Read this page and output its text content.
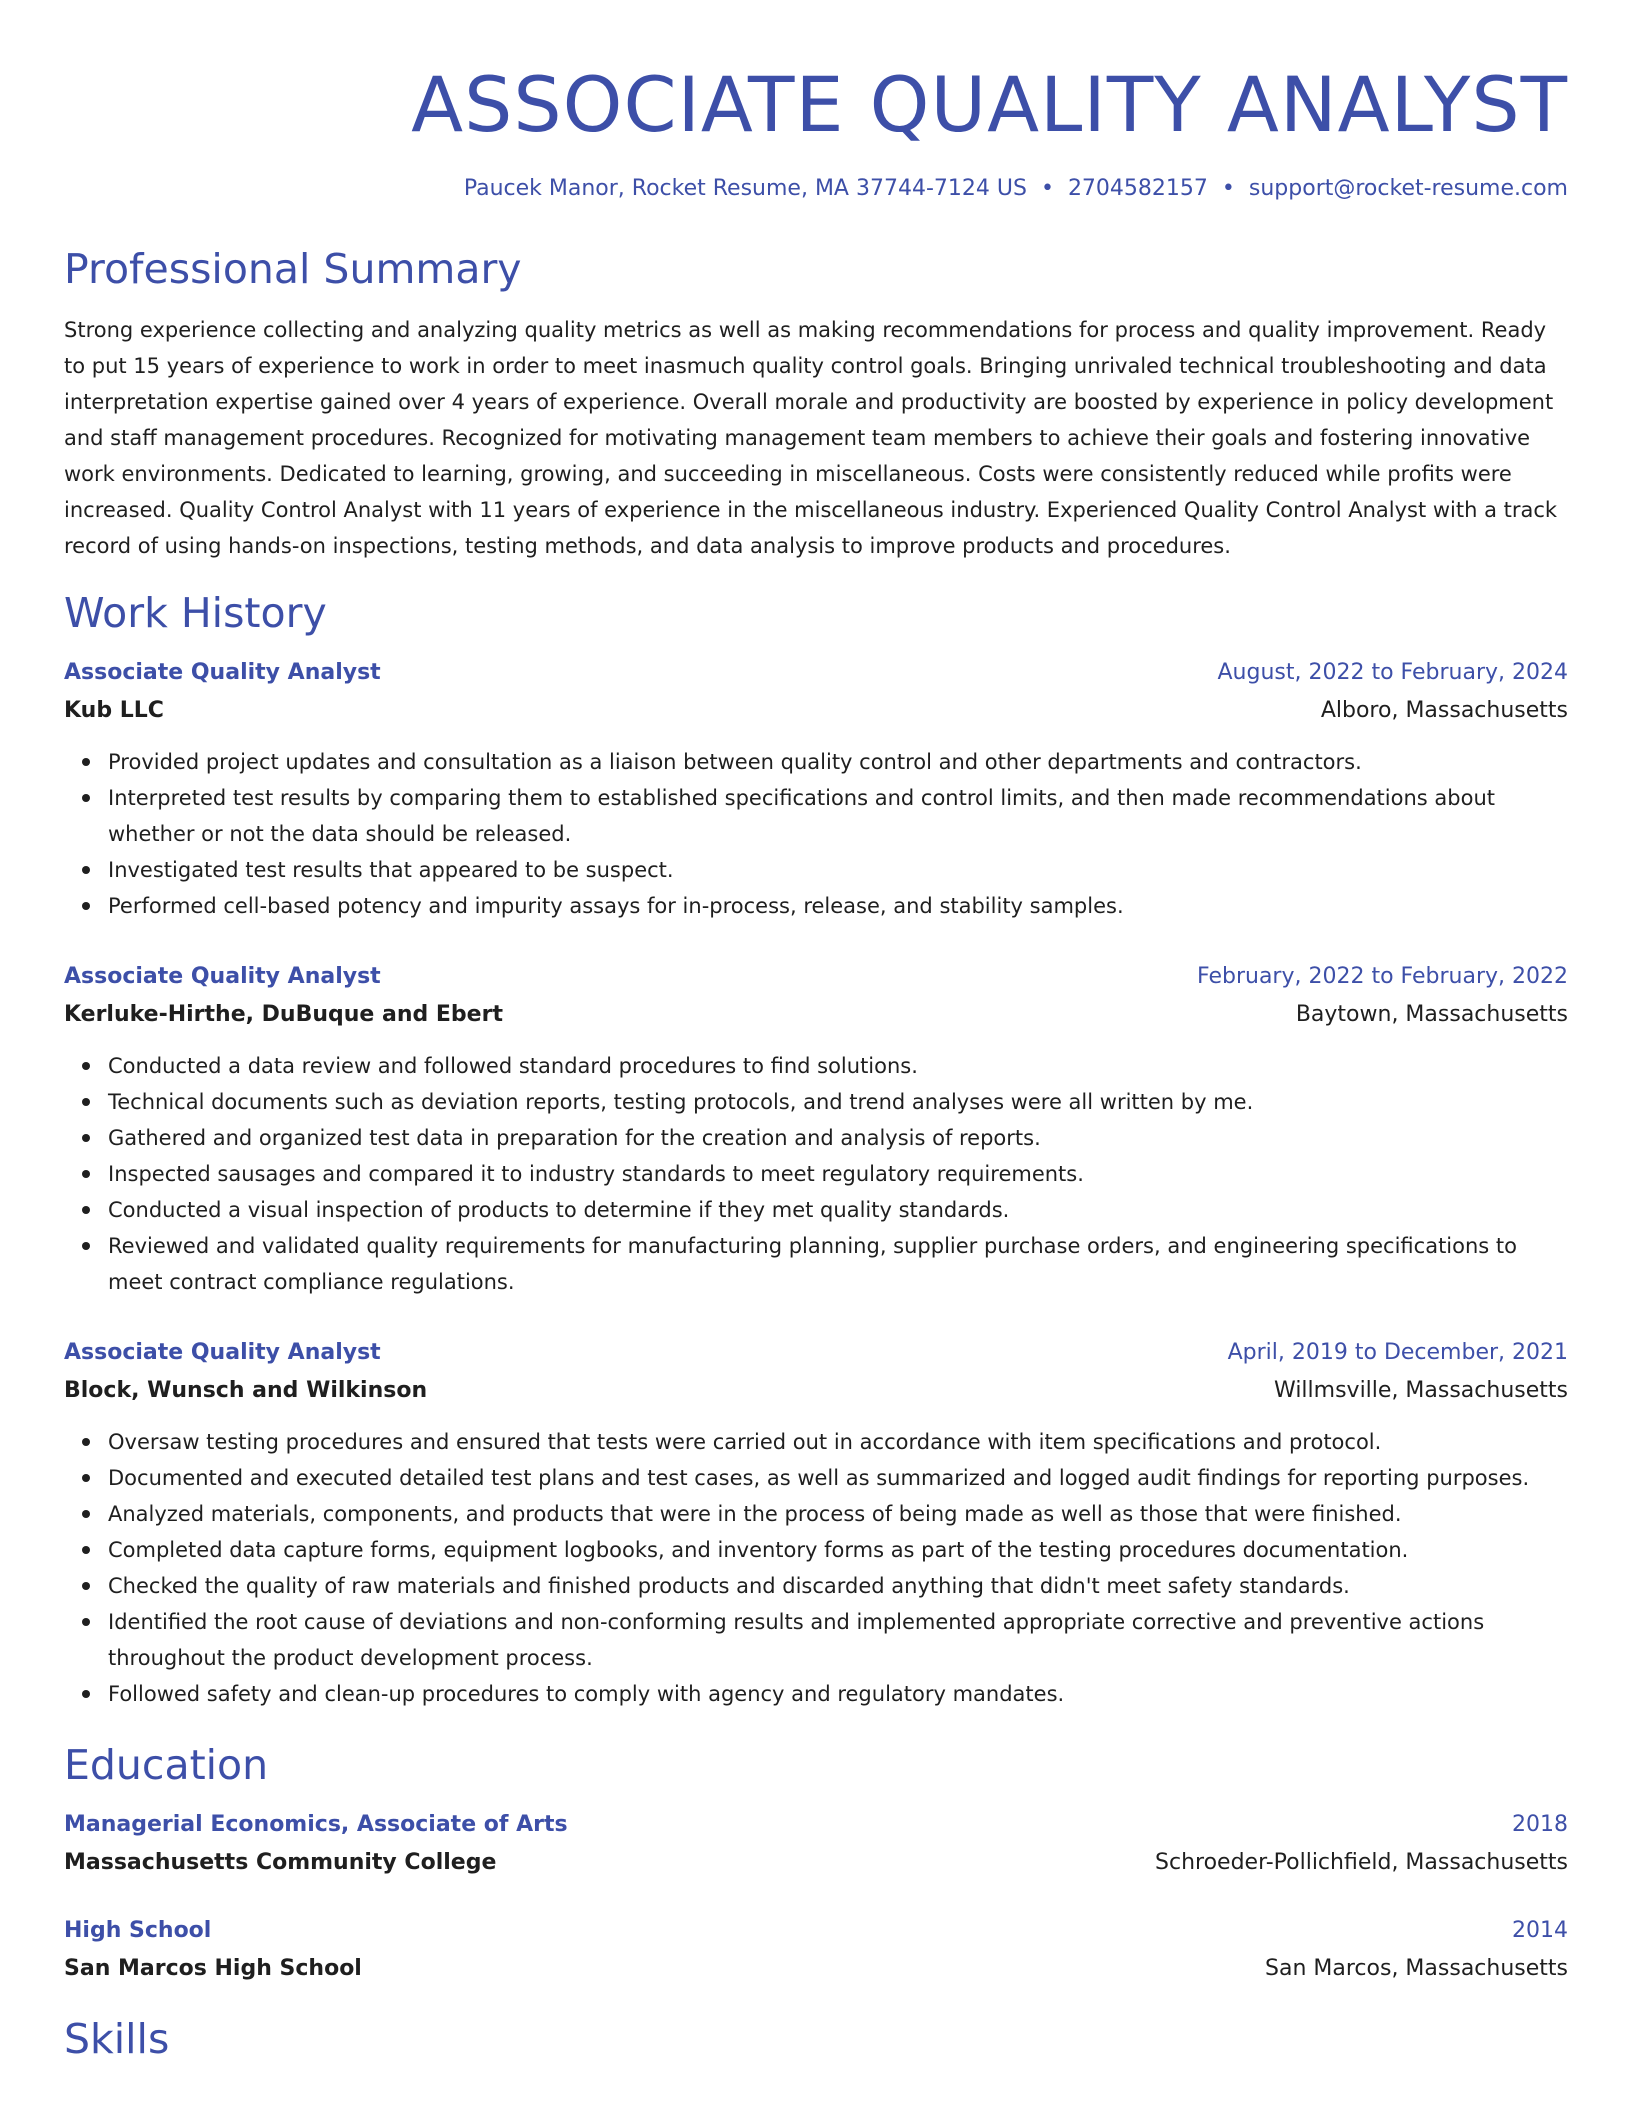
ASSOCIATE QUALITY ANALYST
Paucek Manor, Rocket Resume, MA 37744-7124 US • 2704582157 • support@rocket-resume.com
Professional Summary

Strong experience collecting and analyzing quality metrics as well as making recommendations for process and quality improvement. Ready to put 15 years of experience to work in order to meet inasmuch quality control goals. Bringing unrivaled technical troubleshooting and data interpretation expertise gained over 4 years of experience. Overall morale and productivity are boosted by experience in policy development and staff management procedures. Recognized for motivating management team members to achieve their goals and fostering innovative work environments. Dedicated to learning, growing, and succeeding in miscellaneous. Costs were consistently reduced while profits were increased. Quality Control Analyst with 11 years of experience in the miscellaneous industry. Experienced Quality Control Analyst with a track record of using hands-on inspections, testing methods, and data analysis to improve products and procedures.

Work History
Associate Quality Analyst	August, 2022 to February, 2024
Kub LLC	Alboro, Massachusetts
Provided project updates and consultation as a liaison between quality control and other departments and contractors.
Interpreted test results by comparing them to established specifications and control limits, and then made recommendations about whether or not the data should be released.
Investigated test results that appeared to be suspect.
Performed cell-based potency and impurity assays for in-process, release, and stability samples.
Associate Quality Analyst	February, 2022 to February, 2022
Kerluke-Hirthe, DuBuque and Ebert	Baytown, Massachusetts
Conducted a data review and followed standard procedures to find solutions.
Technical documents such as deviation reports, testing protocols, and trend analyses were all written by me.
Gathered and organized test data in preparation for the creation and analysis of reports.
Inspected sausages and compared it to industry standards to meet regulatory requirements.
Conducted a visual inspection of products to determine if they met quality standards.
Reviewed and validated quality requirements for manufacturing planning, supplier purchase orders, and engineering specifications to meet contract compliance regulations.
Associate Quality Analyst	April, 2019 to December, 2021
Block, Wunsch and Wilkinson	Willmsville, Massachusetts
Oversaw testing procedures and ensured that tests were carried out in accordance with item specifications and protocol.
Documented and executed detailed test plans and test cases, as well as summarized and logged audit findings for reporting purposes.
Analyzed materials, components, and products that were in the process of being made as well as those that were finished.
Completed data capture forms, equipment logbooks, and inventory forms as part of the testing procedures documentation.
Checked the quality of raw materials and finished products and discarded anything that didn't meet safety standards.
Identified the root cause of deviations and non-conforming results and implemented appropriate corrective and preventive actions throughout the product development process.
Followed safety and clean-up procedures to comply with agency and regulatory mandates.
Education
Managerial Economics, Associate of Arts	2018
Massachusetts Community College	Schroeder-Pollichfield, Massachusetts
High School	2014
San Marcos High School	San Marcos, Massachusetts
Skills
